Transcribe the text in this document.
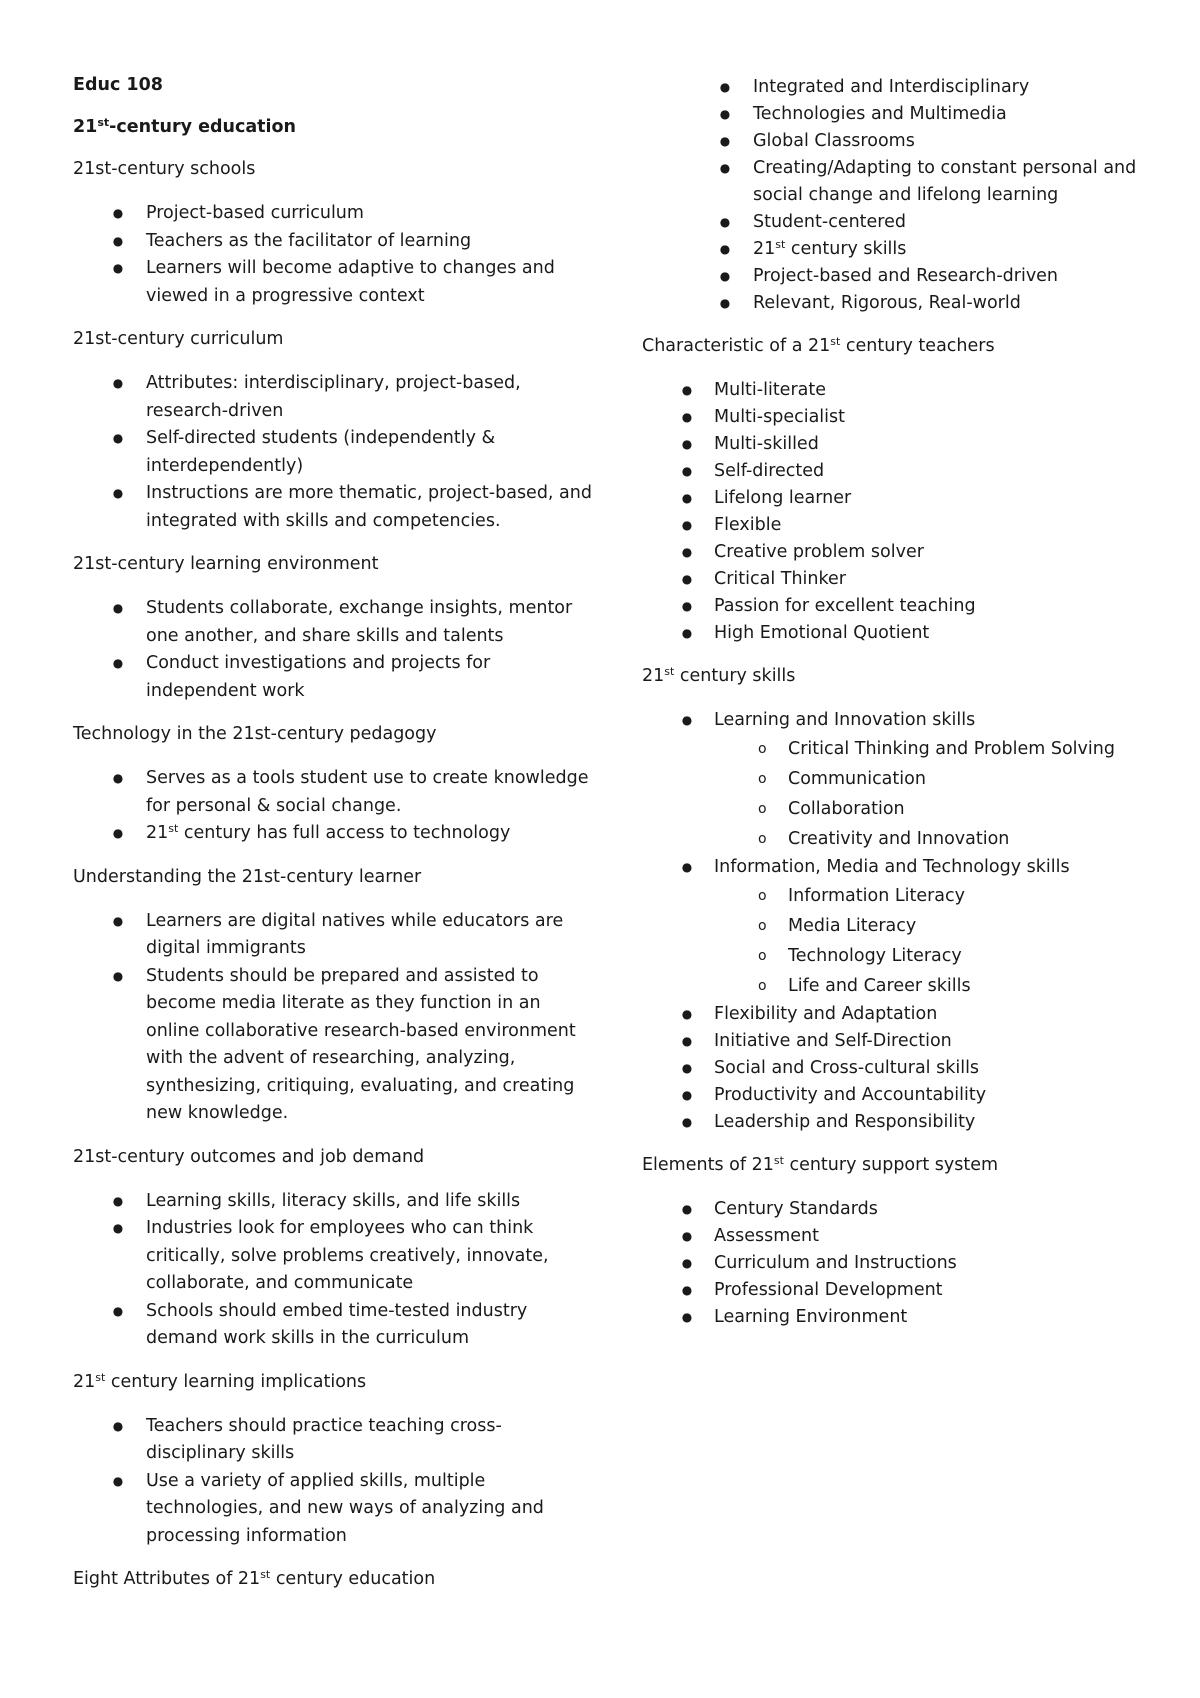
Educ 108
21st-century education
21st-century schools
● Project-based curriculum
● Teachers as the facilitator of learning
● Learners will become adaptive to changes and viewed in a progressive context
21st-century curriculum
● Attributes: interdisciplinary, project-based, research-driven
● Self-directed students (independently & interdependently)
● Instructions are more thematic, project-based, and integrated with skills and competencies.
21st-century learning environment
● Students collaborate, exchange insights, mentor one another, and share skills and talents
● Conduct investigations and projects for independent work
Technology in the 21st-century pedagogy
● Serves as a tools student use to create knowledge for personal & social change.
● 21st century has full access to technology
Understanding the 21st-century learner
● Learners are digital natives while educators are digital immigrants
● Students should be prepared and assisted to become media literate as they function in an online collaborative research-based environment with the advent of researching, analyzing, synthesizing, critiquing, evaluating, and creating new knowledge.
21st-century outcomes and job demand
● Learning skills, literacy skills, and life skills
● Industries look for employees who can think critically, solve problems creatively, innovate, collaborate, and communicate
● Schools should embed time-tested industry demand work skills in the curriculum
21st century learning implications
● Teachers should practice teaching cross-disciplinary skills
● Use a variety of applied skills, multiple technologies, and new ways of analyzing and processing information
Eight Attributes of 21st century education
● Integrated and Interdisciplinary
● Technologies and Multimedia
● Global Classrooms
● Creating/Adapting to constant personal and social change and lifelong learning
● Student-centered
● 21st century skills
● Project-based and Research-driven
● Relevant, Rigorous, Real-world
Characteristic of a 21st century teachers
● Multi-literate
● Multi-specialist
● Multi-skilled
● Self-directed
● Lifelong learner
● Flexible
● Creative problem solver
● Critical Thinker
● Passion for excellent teaching
● High Emotional Quotient
21st century skills
● Learning and Innovation skills
o Critical Thinking and Problem Solving
o Communication
o Collaboration
o Creativity and Innovation
● Information, Media and Technology skills
o Information Literacy
o Media Literacy
o Technology Literacy
o Life and Career skills
● Flexibility and Adaptation
● Initiative and Self-Direction
● Social and Cross-cultural skills
● Productivity and Accountability
● Leadership and Responsibility
Elements of 21st century support system
● Century Standards
● Assessment
● Curriculum and Instructions
● Professional Development
● Learning Environment
